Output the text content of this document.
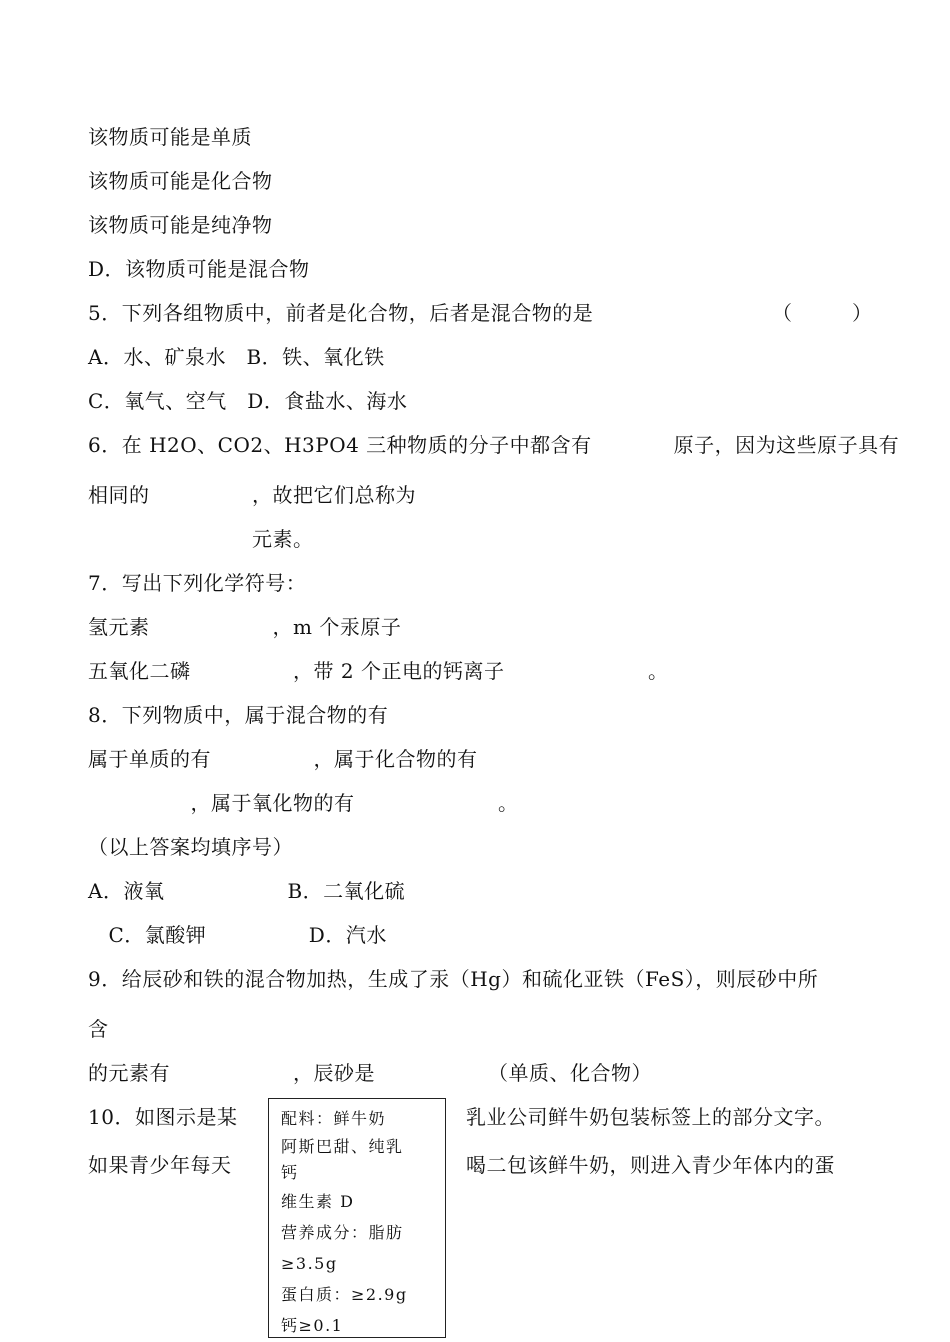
该物质可能是单质
该物质可能是化合物
该物质可能是纯净物
D．该物质可能是混合物
5．下列各组物质中，前者是化合物，后者是混合物的是	（　　　）
A．水、矿泉水　B．铁、氧化铁
C．氧气、空气　D．食盐水、海水
6．在 H2O、CO2、H3PO4 三种物质的分子中都含有　　　　原子，因为这些原子具有
相同的　　　　　，故把它们总称为
元素。
7．写出下列化学符号：
氢元素　　　　　　，m 个汞原子
五氧化二磷　　　　　，带 2 个正电的钙离子　　　　　　　。
8．下列物质中，属于混合物的有
属于单质的有　　　　　，属于化合物的有
　　　　　，属于氧化物的有　　　　　　　。
（以上答案均填序号）
A．液氧　　　　　　B．二氧化硫
　C．氯酸钾　　　　　D．汽水
9．给辰砂和铁的混合物加热，生成了汞（Hg）和硫化亚铁（FeS），则辰砂中所
含
的元素有　　　　　　，辰砂是　　　　　　（单质、化合物）
10．如图示是某	乳业公司鲜牛奶包装标签上的部分文字。
如果青少年每天	喝二包该鲜牛奶，则进入青少年体内的蛋
配料：鲜牛奶
阿斯巴甜、纯乳
钙
维生素 D
营养成分：脂肪
≥3.5g
蛋白质：≥2.9g
钙≥0.1
